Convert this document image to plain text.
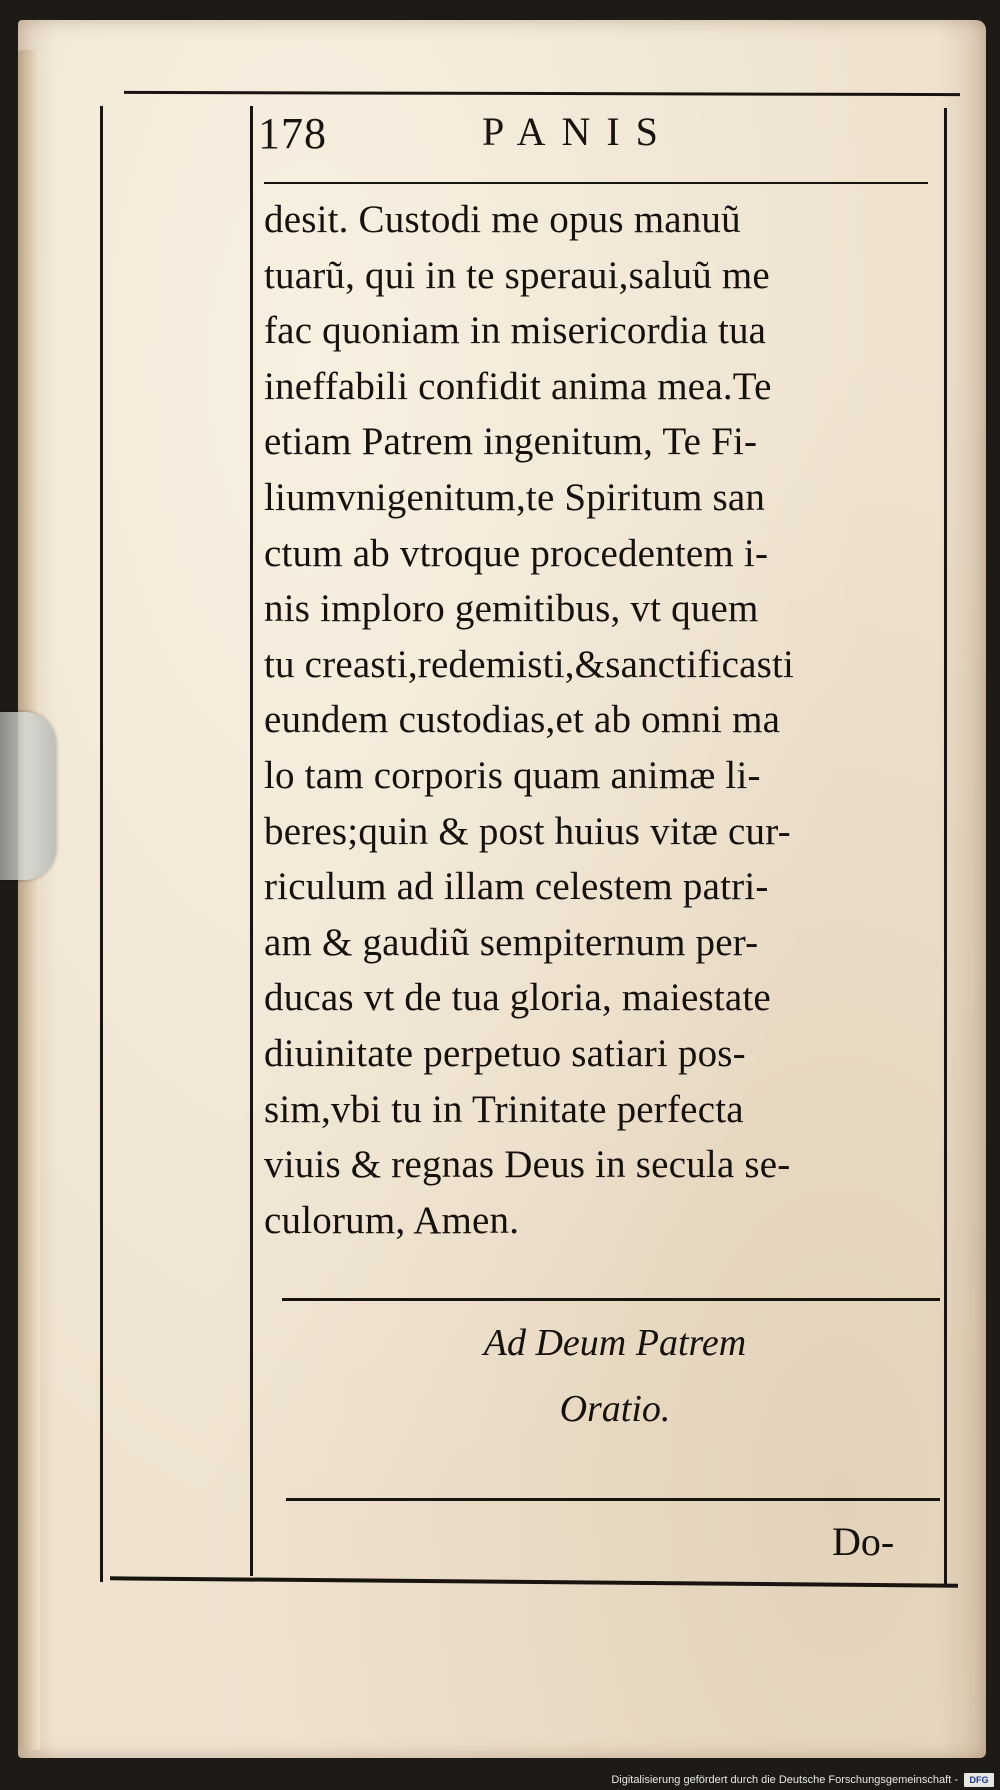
178	PANIS
desit. Custodi me opus manuũ
tuarũ, qui in te speraui,saluũ me
fac quoniam in misericordia tua
ineffabili confidit anima mea.Te
etiam Patrem ingenitum, Te Fi-
liumvnigenitum,te Spiritum san
ctum ab vtroque procedentem i-
nis imploro gemitibus, vt quem
tu creasti,redemisti,&sanctificasti
eundem custodias,et ab omni ma
lo tam corporis quam animæ li-
beres;quin & post huius vitæ cur-
riculum ad illam celestem patri-
am & gaudiũ sempiternum per-
ducas vt de tua gloria, maiestate
diuinitate perpetuo satiari pos-
sim,vbi tu in Trinitate perfecta
viuis & regnas Deus in secula se-
culorum, Amen.
Ad Deum Patrem
Oratio.
Do-
Digitalisierung gefördert durch die Deutsche Forschungsgemeinschaft -	DFG
